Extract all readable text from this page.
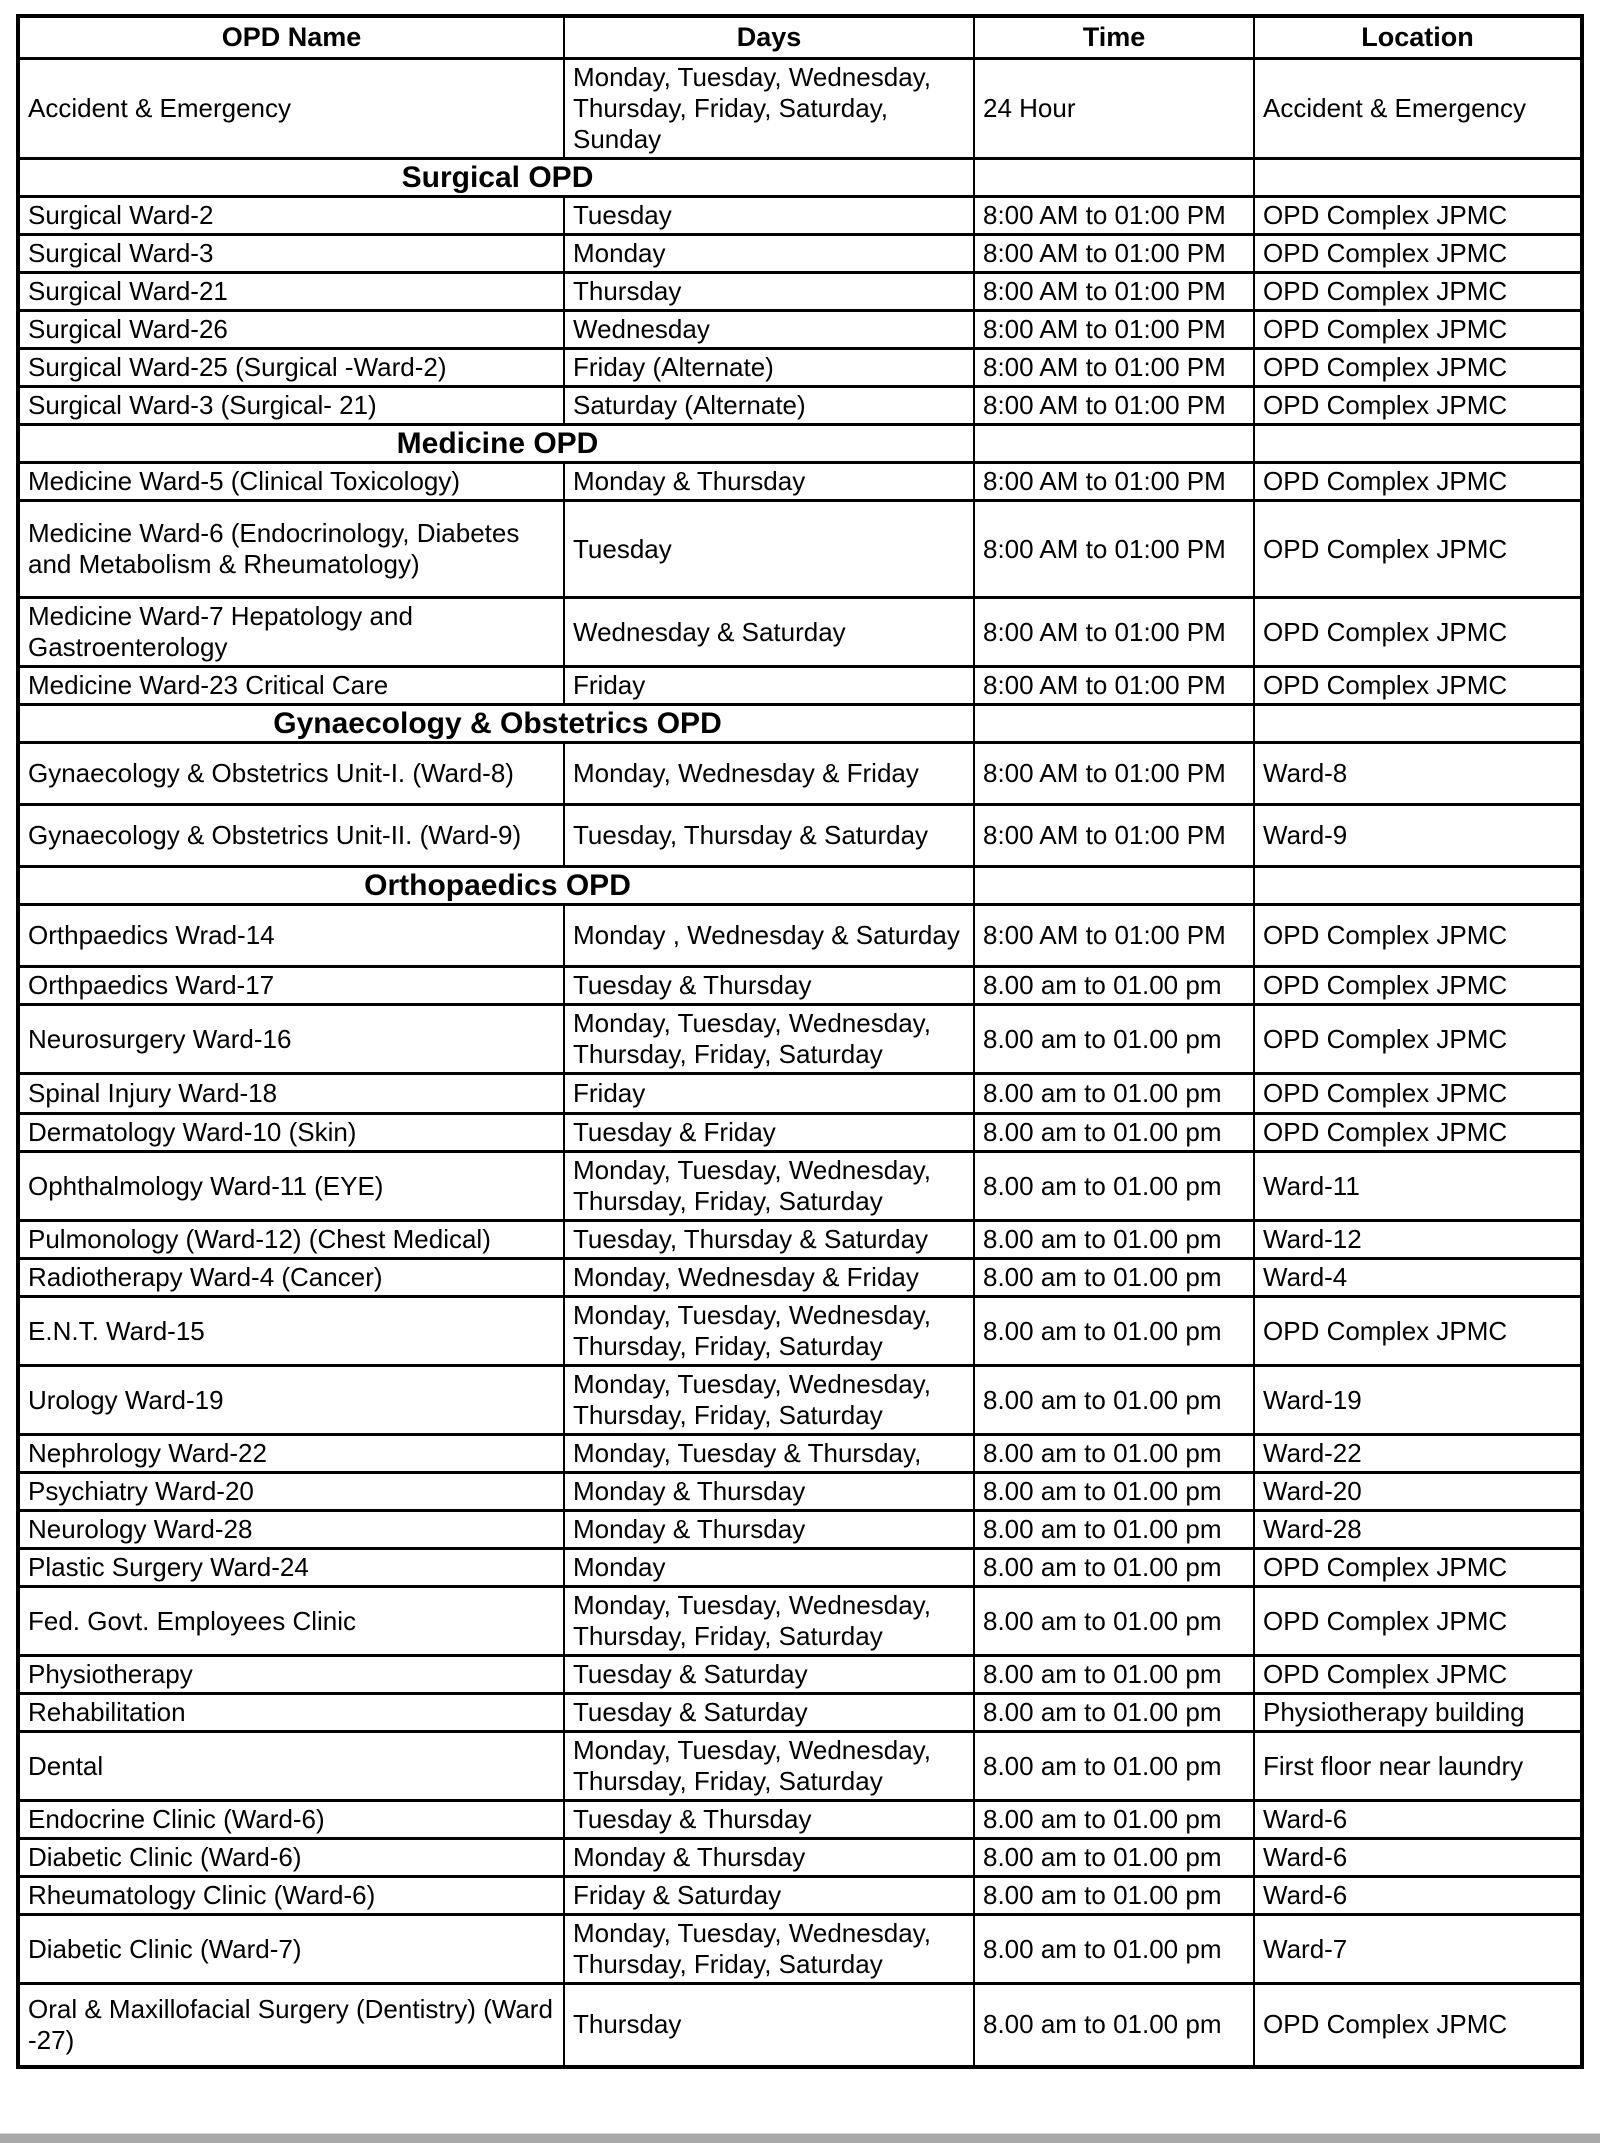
OPD Name	Days	Time	Location
Accident & Emergency	Monday, Tuesday, Wednesday, Thursday, Friday, Saturday, Sunday	24 Hour	Accident & Emergency
Surgical OPD			
Surgical Ward-2	Tuesday	8:00 AM to 01:00 PM	OPD Complex JPMC
Surgical Ward-3	Monday	8:00 AM to 01:00 PM	OPD Complex JPMC
Surgical Ward-21	Thursday	8:00 AM to 01:00 PM	OPD Complex JPMC
Surgical Ward-26	Wednesday	8:00 AM to 01:00 PM	OPD Complex JPMC
Surgical Ward-25 (Surgical -Ward-2)	Friday (Alternate)	8:00 AM to 01:00 PM	OPD Complex JPMC
Surgical Ward-3 (Surgical- 21)	Saturday (Alternate)	8:00 AM to 01:00 PM	OPD Complex JPMC
Medicine OPD			
Medicine Ward-5 (Clinical Toxicology)	Monday & Thursday	8:00 AM to 01:00 PM	OPD Complex JPMC
Medicine Ward-6 (Endocrinology, Diabetes and Metabolism & Rheumatology)	Tuesday	8:00 AM to 01:00 PM	OPD Complex JPMC
Medicine Ward-7 Hepatology and Gastroenterology	Wednesday & Saturday	8:00 AM to 01:00 PM	OPD Complex JPMC
Medicine Ward-23 Critical Care	Friday	8:00 AM to 01:00 PM	OPD Complex JPMC
Gynaecology & Obstetrics OPD			
Gynaecology & Obstetrics Unit-I. (Ward-8)	Monday, Wednesday & Friday	8:00 AM to 01:00 PM	Ward-8
Gynaecology & Obstetrics Unit-II. (Ward-9)	Tuesday, Thursday & Saturday	8:00 AM to 01:00 PM	Ward-9
Orthopaedics OPD			
Orthpaedics Wrad-14	Monday , Wednesday & Saturday	8:00 AM to 01:00 PM	OPD Complex JPMC
Orthpaedics Ward-17	Tuesday & Thursday	8.00 am to 01.00 pm	OPD Complex JPMC
Neurosurgery Ward-16	Monday, Tuesday, Wednesday, Thursday, Friday, Saturday	8.00 am to 01.00 pm	OPD Complex JPMC
Spinal Injury Ward-18	Friday	8.00 am to 01.00 pm	OPD Complex JPMC
Dermatology Ward-10 (Skin)	Tuesday & Friday	8.00 am to 01.00 pm	OPD Complex JPMC
Ophthalmology Ward-11 (EYE)	Monday, Tuesday, Wednesday, Thursday, Friday, Saturday	8.00 am to 01.00 pm	Ward-11
Pulmonology (Ward-12) (Chest Medical)	Tuesday, Thursday & Saturday	8.00 am to 01.00 pm	Ward-12
Radiotherapy Ward-4 (Cancer)	Monday, Wednesday & Friday	8.00 am to 01.00 pm	Ward-4
E.N.T. Ward-15	Monday, Tuesday, Wednesday, Thursday, Friday, Saturday	8.00 am to 01.00 pm	OPD Complex JPMC
Urology Ward-19	Monday, Tuesday, Wednesday, Thursday, Friday, Saturday	8.00 am to 01.00 pm	Ward-19
Nephrology Ward-22	Monday, Tuesday & Thursday,	8.00 am to 01.00 pm	Ward-22
Psychiatry Ward-20	Monday & Thursday	8.00 am to 01.00 pm	Ward-20
Neurology Ward-28	Monday & Thursday	8.00 am to 01.00 pm	Ward-28
Plastic Surgery Ward-24	Monday	8.00 am to 01.00 pm	OPD Complex JPMC
Fed. Govt. Employees Clinic	Monday, Tuesday, Wednesday, Thursday, Friday, Saturday	8.00 am to 01.00 pm	OPD Complex JPMC
Physiotherapy	Tuesday & Saturday	8.00 am to 01.00 pm	OPD Complex JPMC
Rehabilitation	Tuesday & Saturday	8.00 am to 01.00 pm	Physiotherapy building
Dental	Monday, Tuesday, Wednesday, Thursday, Friday, Saturday	8.00 am to 01.00 pm	First floor near laundry
Endocrine Clinic (Ward-6)	Tuesday & Thursday	8.00 am to 01.00 pm	Ward-6
Diabetic Clinic (Ward-6)	Monday & Thursday	8.00 am to 01.00 pm	Ward-6
Rheumatology Clinic (Ward-6)	Friday & Saturday	8.00 am to 01.00 pm	Ward-6
Diabetic Clinic (Ward-7)	Monday, Tuesday, Wednesday, Thursday, Friday, Saturday	8.00 am to 01.00 pm	Ward-7
Oral & Maxillofacial Surgery (Dentistry) (Ward -27)	Thursday	8.00 am to 01.00 pm	OPD Complex JPMC
